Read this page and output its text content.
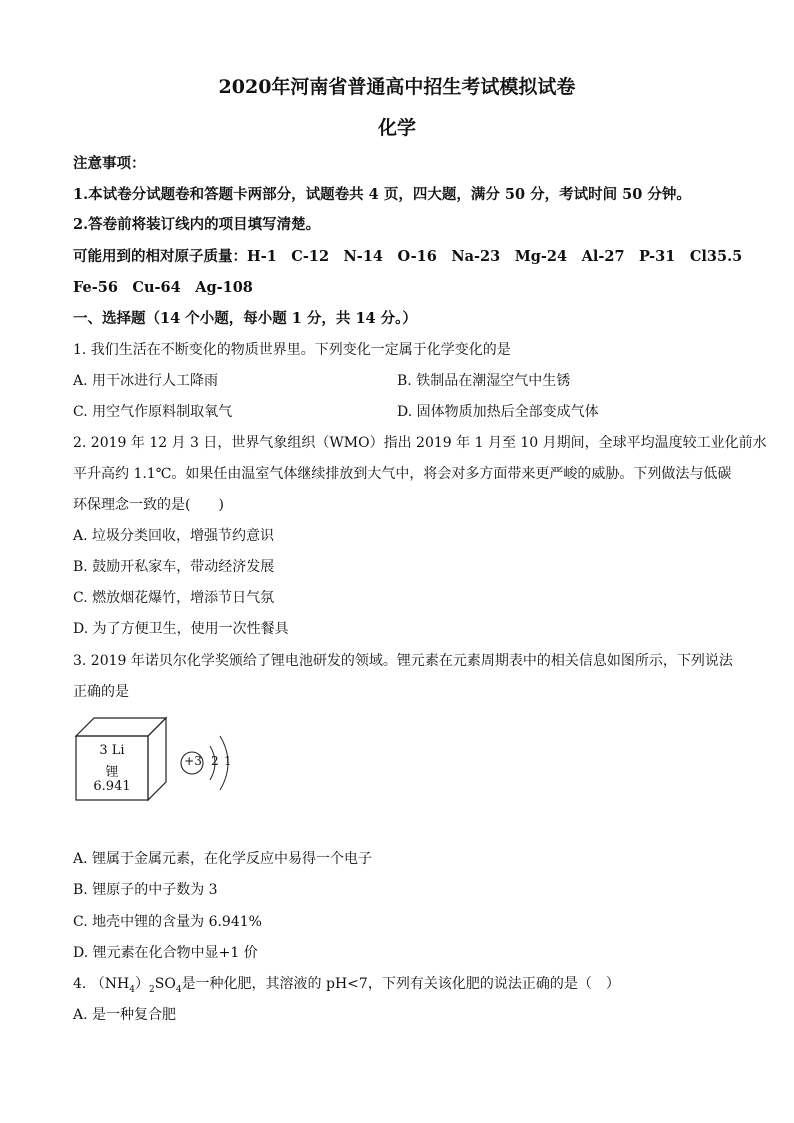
2020年河南省普通高中招生考试模拟试卷
化学
注意事项：
1.本试卷分试题卷和答题卡两部分，试题卷共 4 页，四大题，满分 50 分，考试时间 50 分钟。
2.答卷前将装订线内的项目填写清楚。
可能用到的相对原子质量：H-1　C-12　N-14　O-16　Na-23　Mg-24　Al-27　P-31　Cl35.5
Fe-56　Cu-64　Ag-108
一、选择题（14 个小题，每小题 1 分，共 14 分。）
1. 我们生活在不断变化的物质世界里。下列变化一定属于化学变化的是
A. 用干冰进行人工降雨	B. 铁制品在潮湿空气中生锈
C. 用空气作原料制取氧气	D. 固体物质加热后全部变成气体
2. 2019 年 12 月 3 日，世界气象组织（WMO）指出 2019 年 1 月至 10 月期间，全球平均温度较工业化前水
平升高约 1.1℃。如果任由温室气体继续排放到大气中，将会对多方面带来更严峻的威胁。下列做法与低碳
环保理念一致的是(　　)
A. 垃圾分类回收，增强节约意识
B. 鼓励开私家车，带动经济发展
C. 燃放烟花爆竹，增添节日气氛
D. 为了方便卫生，使用一次性餐具
3. 2019 年诺贝尔化学奖颁给了锂电池研发的领域。锂元素在元素周期表中的相关信息如图所示，下列说法
正确的是
3 Li
锂
6.941
+3 2 1
A. 锂属于金属元素，在化学反应中易得一个电子
B. 锂原子的中子数为 3
C. 地壳中锂的含量为 6.941%
D. 锂元素在化合物中显+1 价
4. $(NH_4)_2SO_4$是一种化肥，其溶液的 pH<7，下列有关该化肥的说法正确的是（　）
A. 是一种复合肥
